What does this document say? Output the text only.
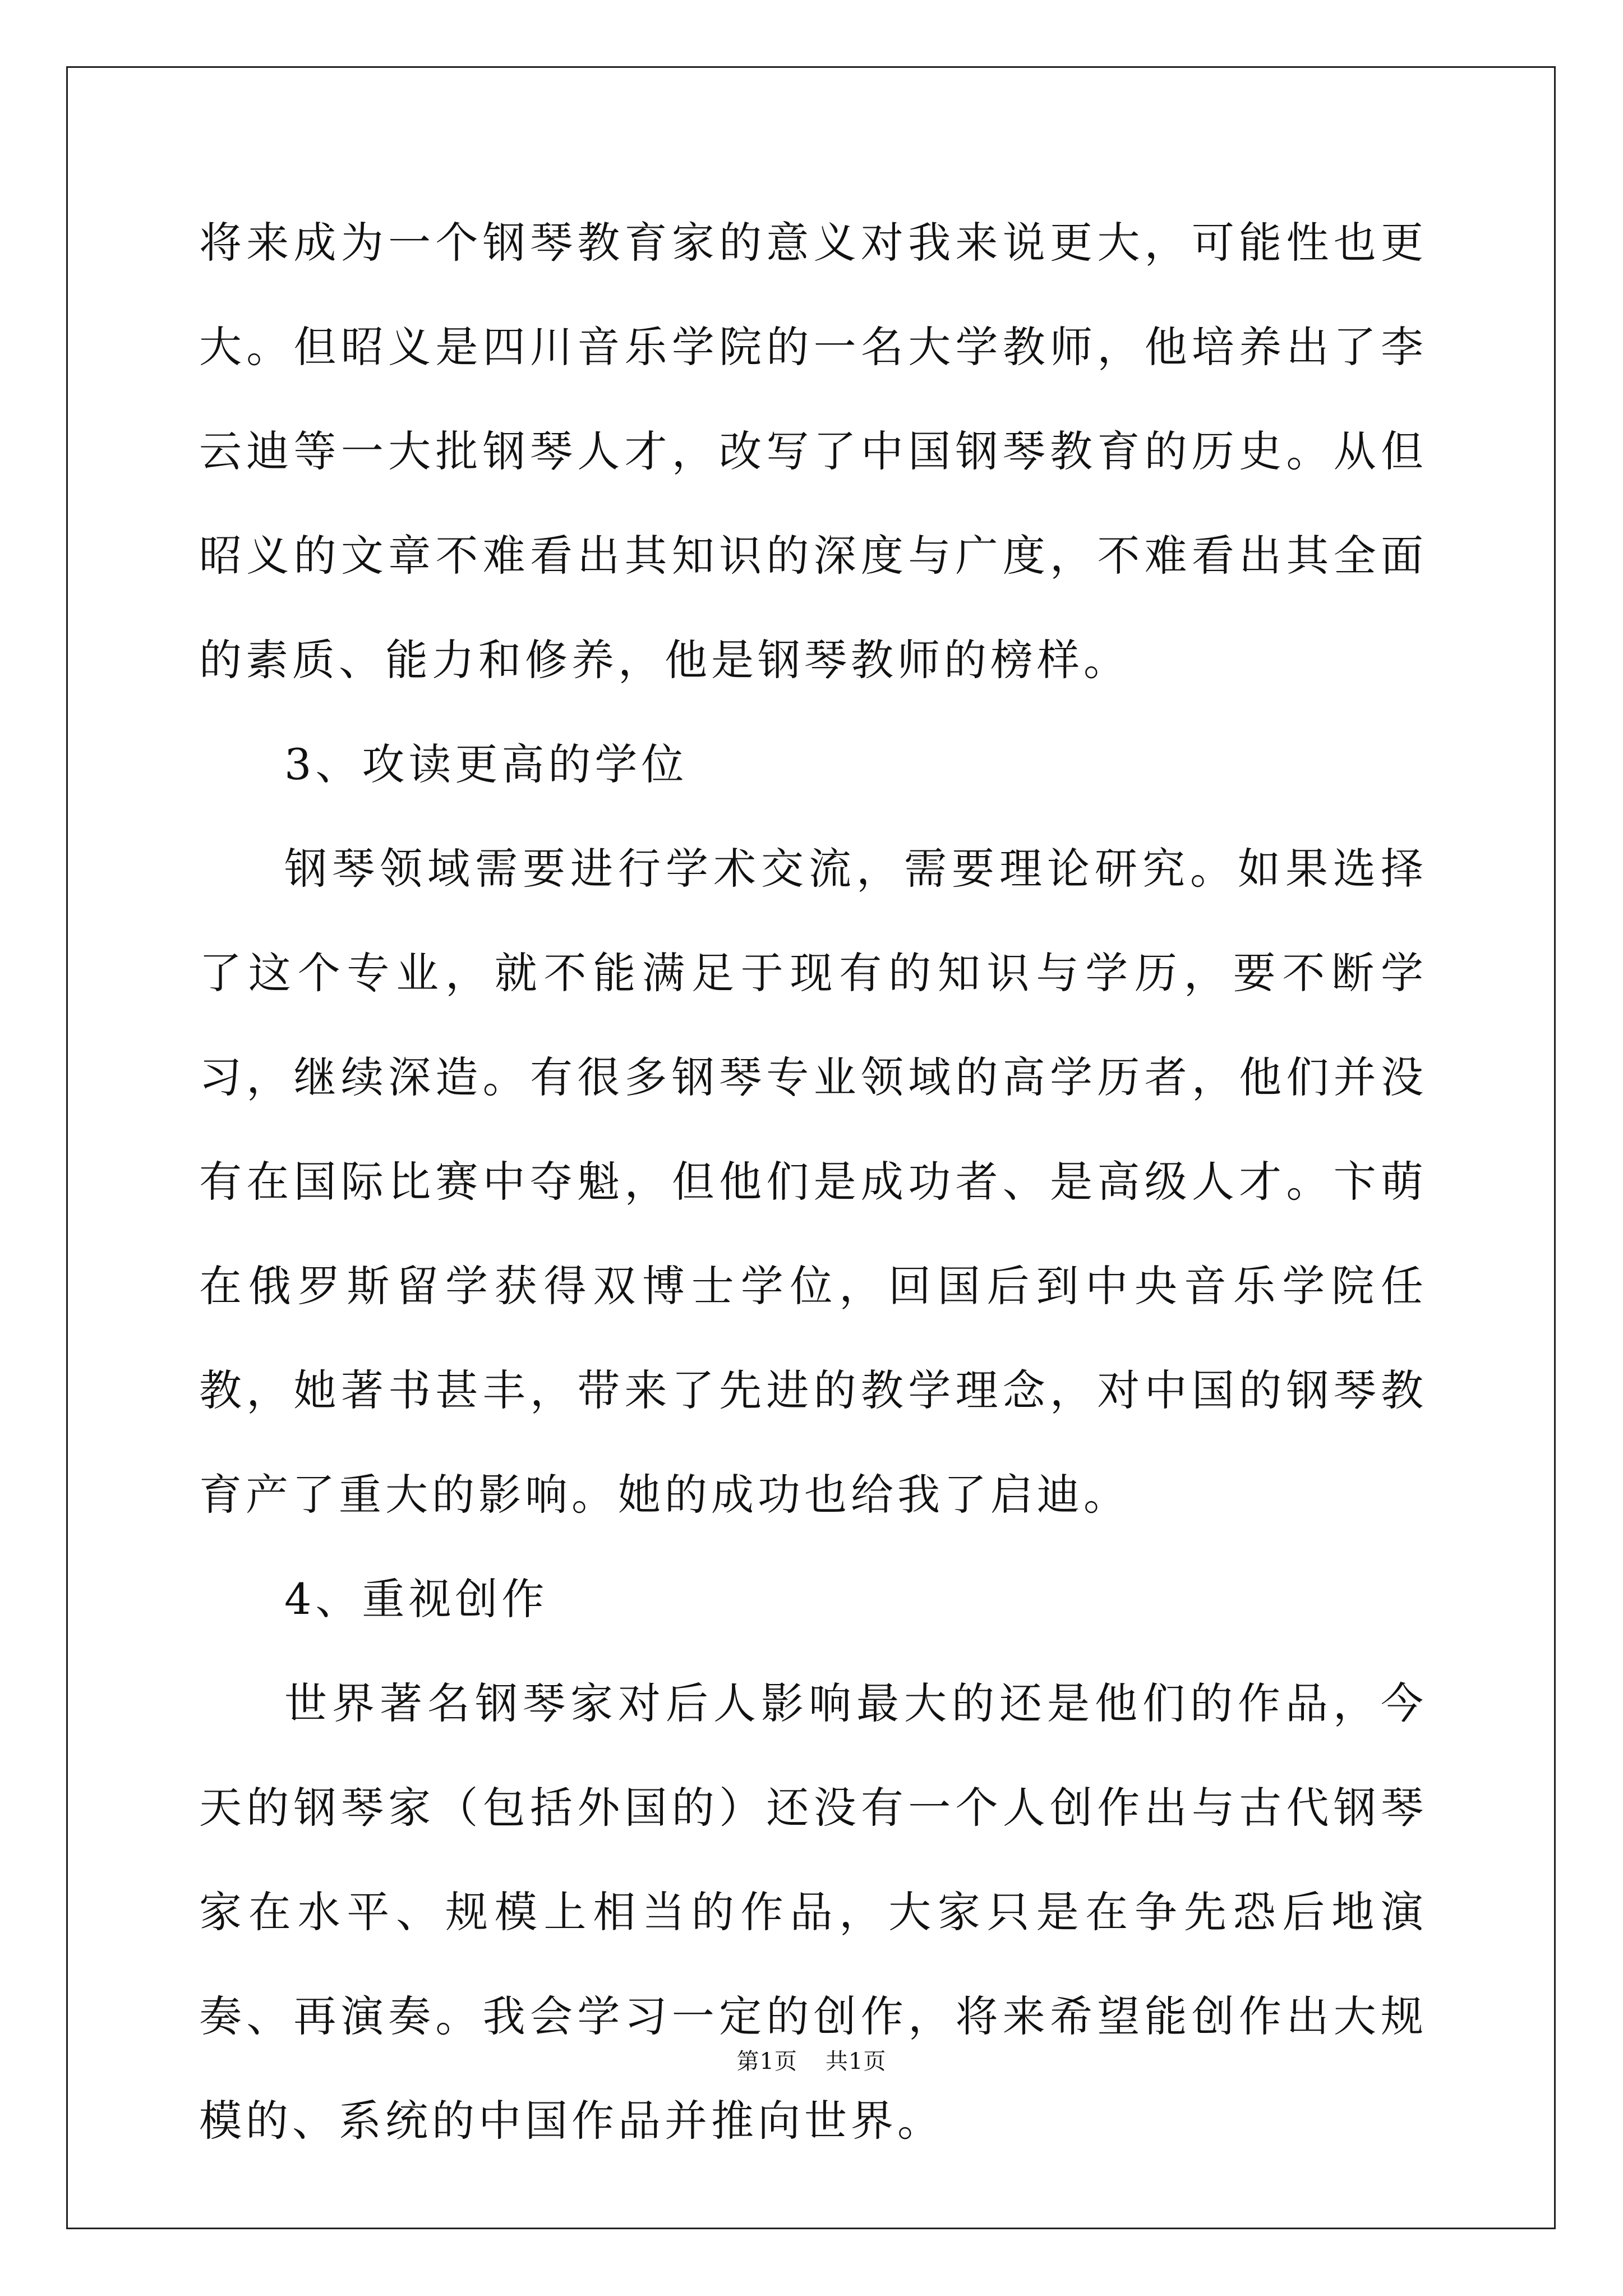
将来成为一个钢琴教育家的意义对我来说更大，可能性也更大。但昭义是四川音乐学院的一名大学教师，他培养出了李云迪等一大批钢琴人才，改写了中国钢琴教育的历史。从但昭义的文章不难看出其知识的深度与广度，不难看出其全面的素质、能力和修养，他是钢琴教师的榜样。

3、攻读更高的学位

钢琴领域需要进行学术交流，需要理论研究。如果选择了这个专业，就不能满足于现有的知识与学历，要不断学习，继续深造。有很多钢琴专业领域的高学历者，他们并没有在国际比赛中夺魁，但他们是成功者、是高级人才。卞萌在俄罗斯留学获得双博士学位，回国后到中央音乐学院任教，她著书甚丰，带来了先进的教学理念，对中国的钢琴教育产了重大的影响。她的成功也给我了启迪。

4、重视创作

世界著名钢琴家对后人影响最大的还是他们的作品，今天的钢琴家（包括外国的）还没有一个人创作出与古代钢琴家在水平、规模上相当的作品，大家只是在争先恐后地演奏、再演奏。我会学习一定的创作，将来希望能创作出大规模的、系统的中国作品并推向世界。

第1页 共1页
